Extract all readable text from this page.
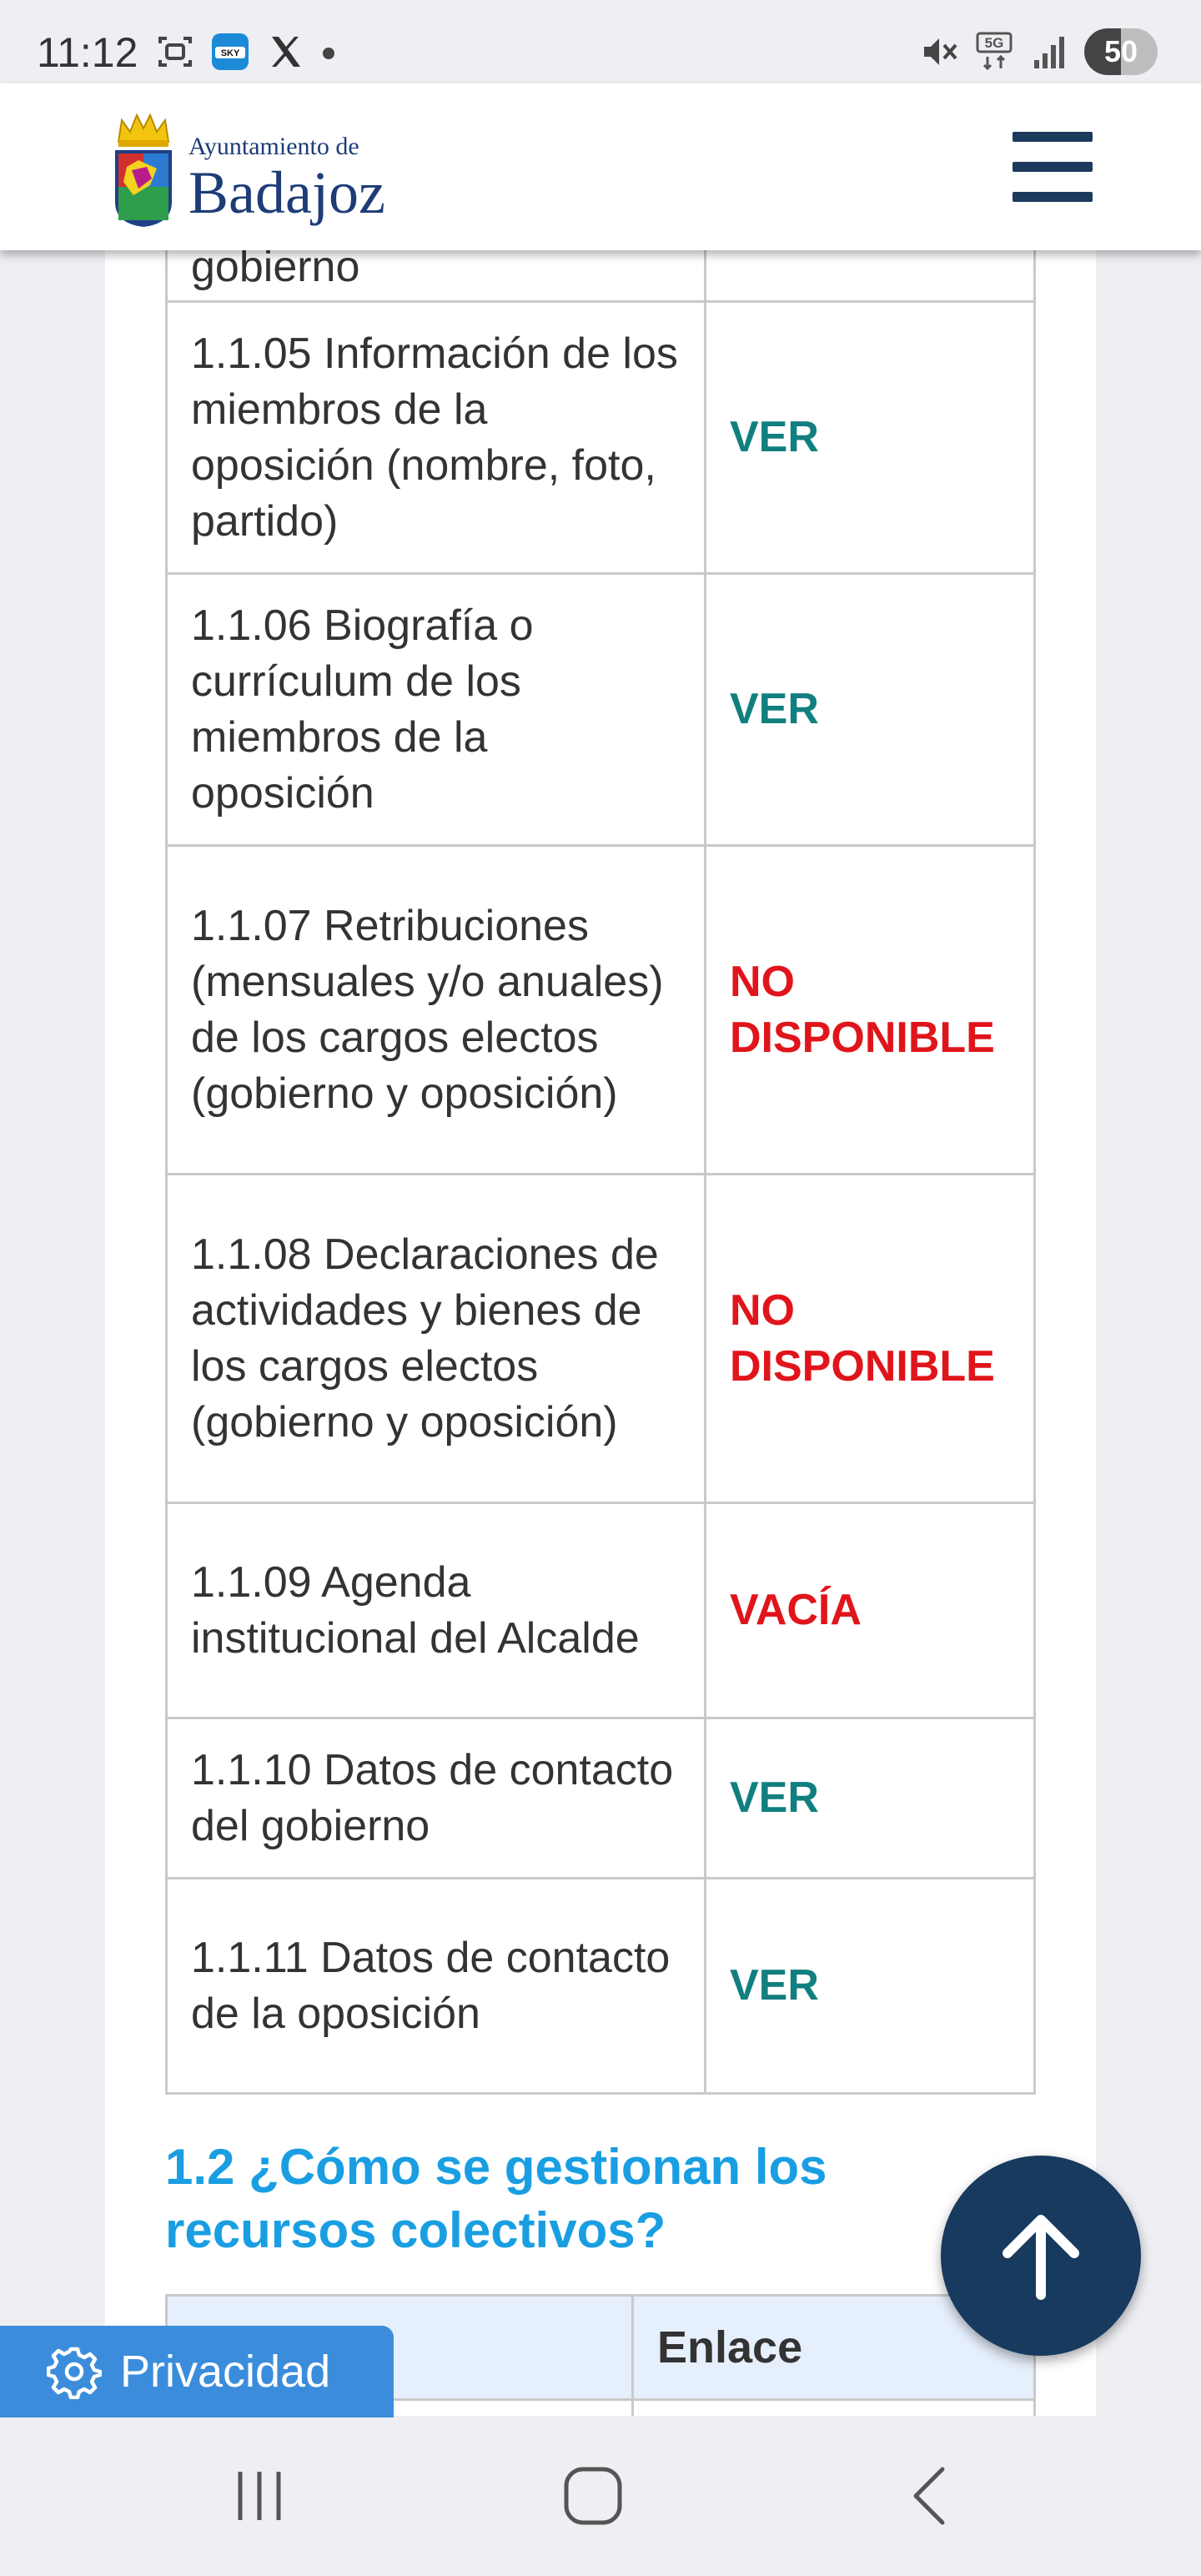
11:12	SKY
5G	50
Ayuntamiento de
Badajoz
gobierno	
1.1.05 Información de los miembros de la oposición (nombre, foto, partido)	VER
1.1.06 Biografía o currículum de los miembros de la oposición	VER
1.1.07 Retribuciones (mensuales y/o anuales) de los cargos electos (gobierno y oposición)	NO DISPONIBLE
1.1.08 Declaraciones de actividades y bienes de los cargos electos (gobierno y oposición)	NO DISPONIBLE
1.1.09 Agenda institucional del Alcalde	VACÍA
1.1.10 Datos de contacto del gobierno	VER
1.1.11 Datos de contacto de la oposición	VER
1.2 ¿Cómo se gestionan los recursos colectivos?
Enlace
Privacidad
